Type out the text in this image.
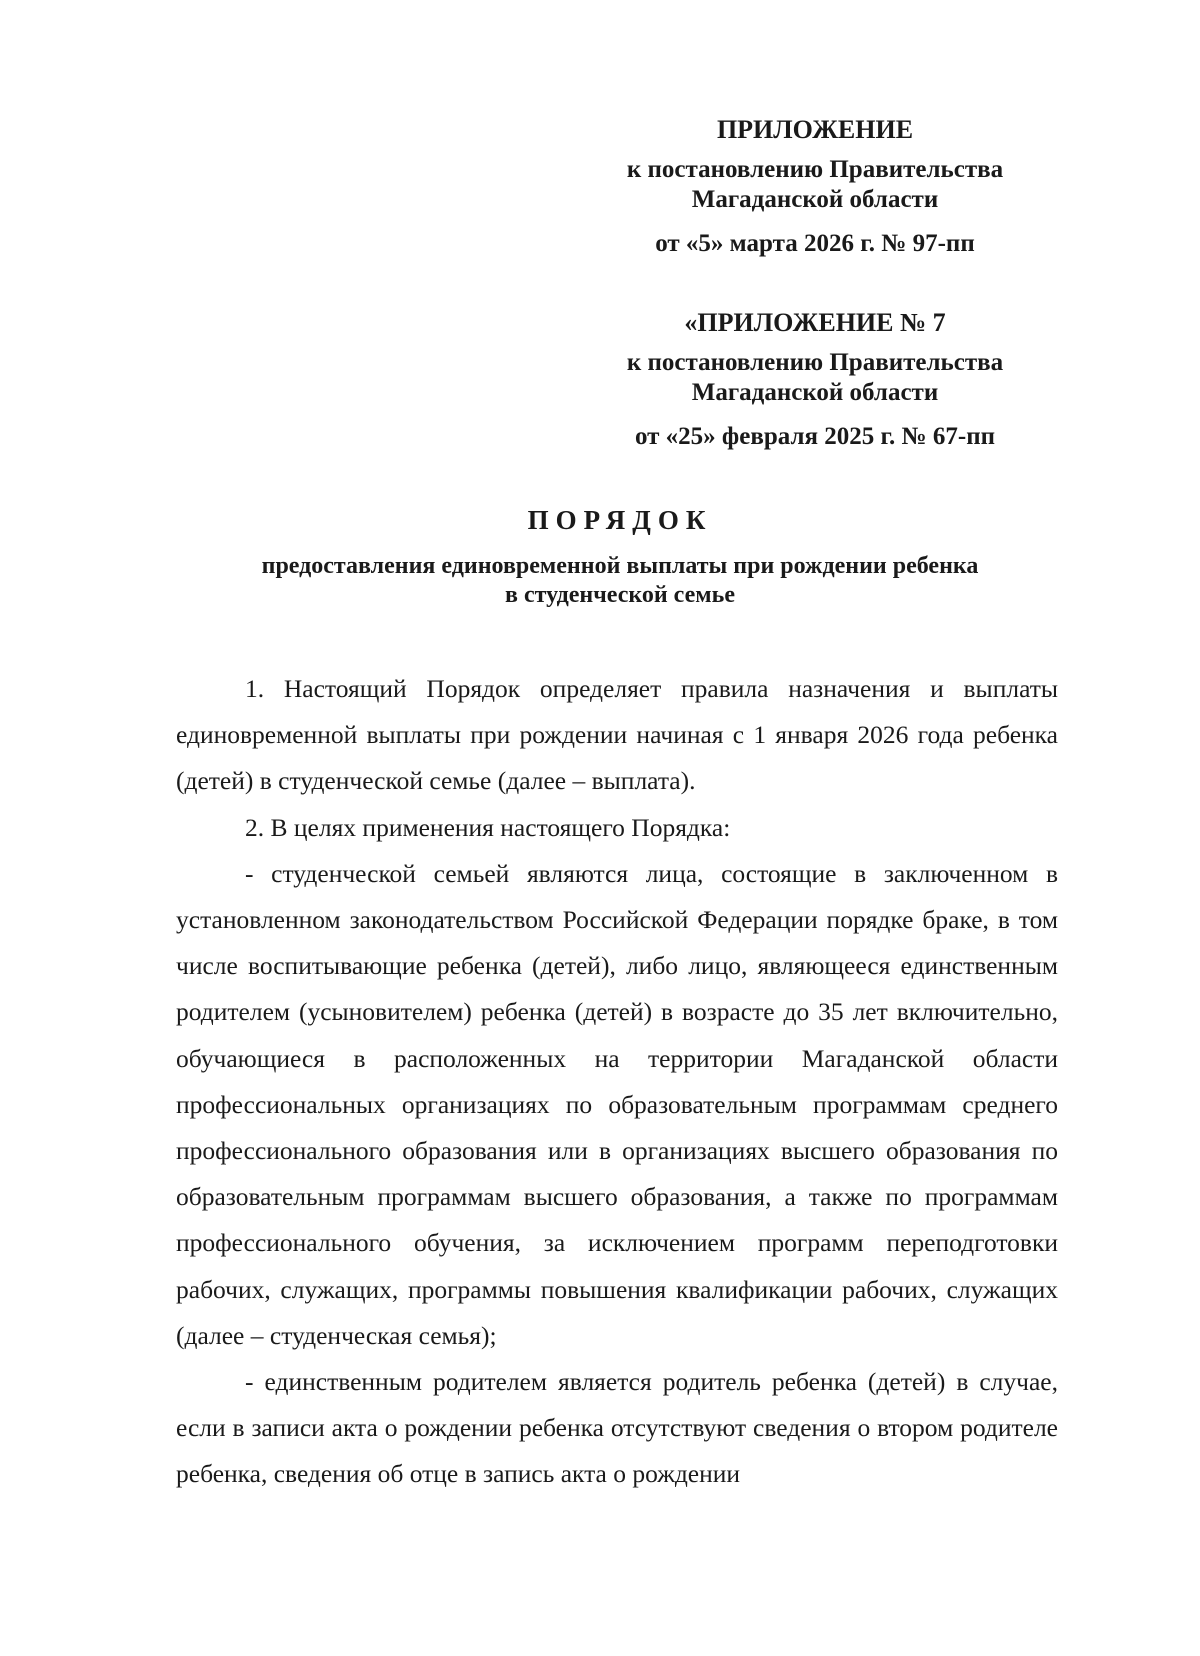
ПРИЛОЖЕНИЕ
к постановлению Правительства
Магаданской области
от «5» марта 2026 г. № 97-пп
«ПРИЛОЖЕНИЕ № 7
к постановлению Правительства
Магаданской области
от «25» февраля 2025 г. № 67-пп
ПОРЯДОК
предоставления единовременной выплаты при рождении ребенка
в студенческой семье

1. Настоящий Порядок определяет правила назначения и выплаты единовременной выплаты при рождении начиная с 1 января 2026 года ребенка (детей) в студенческой семье (далее – выплата).

2. В целях применения настоящего Порядка:

- студенческой семьей являются лица, состоящие в заключенном в установленном законодательством Российской Федерации порядке браке, в том числе воспитывающие ребенка (детей), либо лицо, являющееся единственным родителем (усыновителем) ребенка (детей) в возрасте до 35 лет включительно, обучающиеся в расположенных на территории Магаданской области профессиональных организациях по образовательным программам среднего профессионального образования или в организациях высшего образования по образовательным программам высшего образования, а также по программам профессионального обучения, за исключением программ переподготовки рабочих, служащих, программы повышения квалификации рабочих, служащих (далее – студенческая семья);

- единственным родителем является родитель ребенка (детей) в случае, если в записи акта о рождении ребенка отсутствуют сведения о втором родителе ребенка, сведения об отце в запись акта о рождении
